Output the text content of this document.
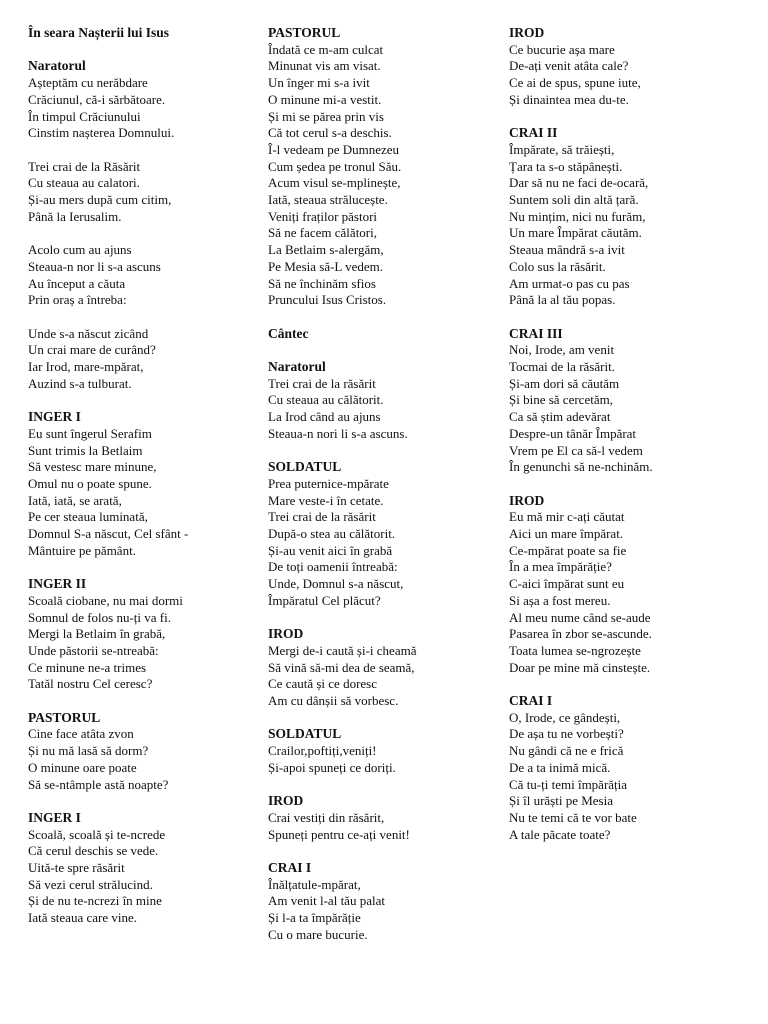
În seara Nașterii lui Isus
Naratorul
Așteptăm cu nerăbdare
Crăciunul, că-i sărbătoare.
În timpul Crăciunului
Cinstim nașterea Domnului.
Trei crai de la Răsărit
Cu steaua au calatori.
Și-au mers după cum citim,
Până la Ierusalim.
Acolo cum au ajuns
Steaua-n nor li s-a ascuns
Au început a căuta
Prin oraș a întreba:
Unde s-a născut zicând
Un crai mare de curând?
Iar Irod, mare-mpărat,
Auzind s-a tulburat.
INGER I
Eu sunt îngerul Serafim
Sunt trimis la Betlaim
Să vestesc mare minune,
Omul nu o poate spune.
Iată, iată, se arată,
Pe cer steaua luminată,
Domnul S-a născut, Cel sfânt -
Mântuire pe pământ.
INGER II
Scoală ciobane, nu mai dormi
Somnul de folos nu-ți va fi.
Mergi la Betlaim în grabă,
Unde păstorii se-ntreabă:
Ce minune ne-a trimes
Tatăl nostru Cel ceresc?
PASTORUL
Cine face atâta zvon
Și nu mă lasă să dorm?
O minune oare poate
Să se-ntâmple astă noapte?
INGER I
Scoală, scoală și te-ncrede
Că cerul deschis se vede.
Uită-te spre răsărit
Să vezi cerul strălucind.
Și de nu te-ncrezi în mine
Iată steaua care vine.
PASTORUL
Îndată ce m-am culcat
Minunat vis am visat.
Un înger mi s-a ivit
O minune mi-a vestit.
Și mi se părea prin vis
Că tot cerul s-a deschis.
Î-l vedeam pe Dumnezeu
Cum ședea pe tronul Său.
Acum visul se-mplinește,
Iată, steaua strălucește.
Veniți fraților păstori
Să ne facem călători,
La Betlaim s-alergăm,
Pe Mesia să-L vedem.
Să ne închinăm sfios
Pruncului Isus Cristos.
Cântec
Naratorul
Trei crai de la răsărit
Cu steaua au călătorit.
La Irod când au ajuns
Steaua-n nori li s-a ascuns.
SOLDATUL
Prea puternice-mpărate
Mare veste-i în cetate.
Trei crai de la răsărit
După-o stea au călătorit.
Și-au venit aici în grabă
De toți oamenii întreabă:
Unde, Domnul s-a născut,
Împăratul Cel plăcut?
IROD
Mergi de-i caută și-i cheamă
Să vină să-mi dea de seamă,
Ce caută și ce doresc
Am cu dânșii să vorbesc.
SOLDATUL
Crailor,poftiți,veniți!
Și-apoi spuneți ce doriți.
IROD
Crai vestiți din răsărit,
Spuneți pentru ce-ați venit!
CRAI I
Înălțatule-mpărat,
Am venit l-al tău palat
Și l-a ta împărăție
Cu o mare bucurie.
IROD
Ce bucurie așa mare
De-ați venit atâta cale?
Ce ai de spus, spune iute,
Și dinaintea mea du-te.
CRAI II
Împărate, să trăiești,
Țara ta s-o stăpânești.
Dar să nu ne faci de-ocară,
Suntem soli din altă țară.
Nu mințim, nici nu furăm,
Un mare Împărat căutăm.
Steaua mândră s-a ivit
Colo sus la răsărit.
Am urmat-o pas cu pas
Până la al tău popas.
CRAI III
Noi, Irode, am venit
Tocmai de la răsărit.
Și-am dori să căutăm
Și bine să cercetăm,
Ca să știm adevărat
Despre-un tânăr Împărat
Vrem pe El ca să-l vedem
În genunchi să ne-nchinăm.
IROD
Eu mă mir c-ați căutat
Aici un mare împărat.
Ce-mpărat poate sa fie
În a mea împărăție?
C-aici împărat sunt eu
Si așa a fost mereu.
Al meu nume când se-aude
Pasarea în zbor se-ascunde.
Toata lumea se-ngrozește
Doar pe mine mă cinstește.
CRAI I
O, Irode, ce gândești,
De așa tu ne vorbești?
Nu gândi că ne e frică
De a ta inimă mică.
Că tu-ți temi împărăția
Și îl urăști pe Mesia
Nu te temi că te vor bate
A tale păcate toate?
